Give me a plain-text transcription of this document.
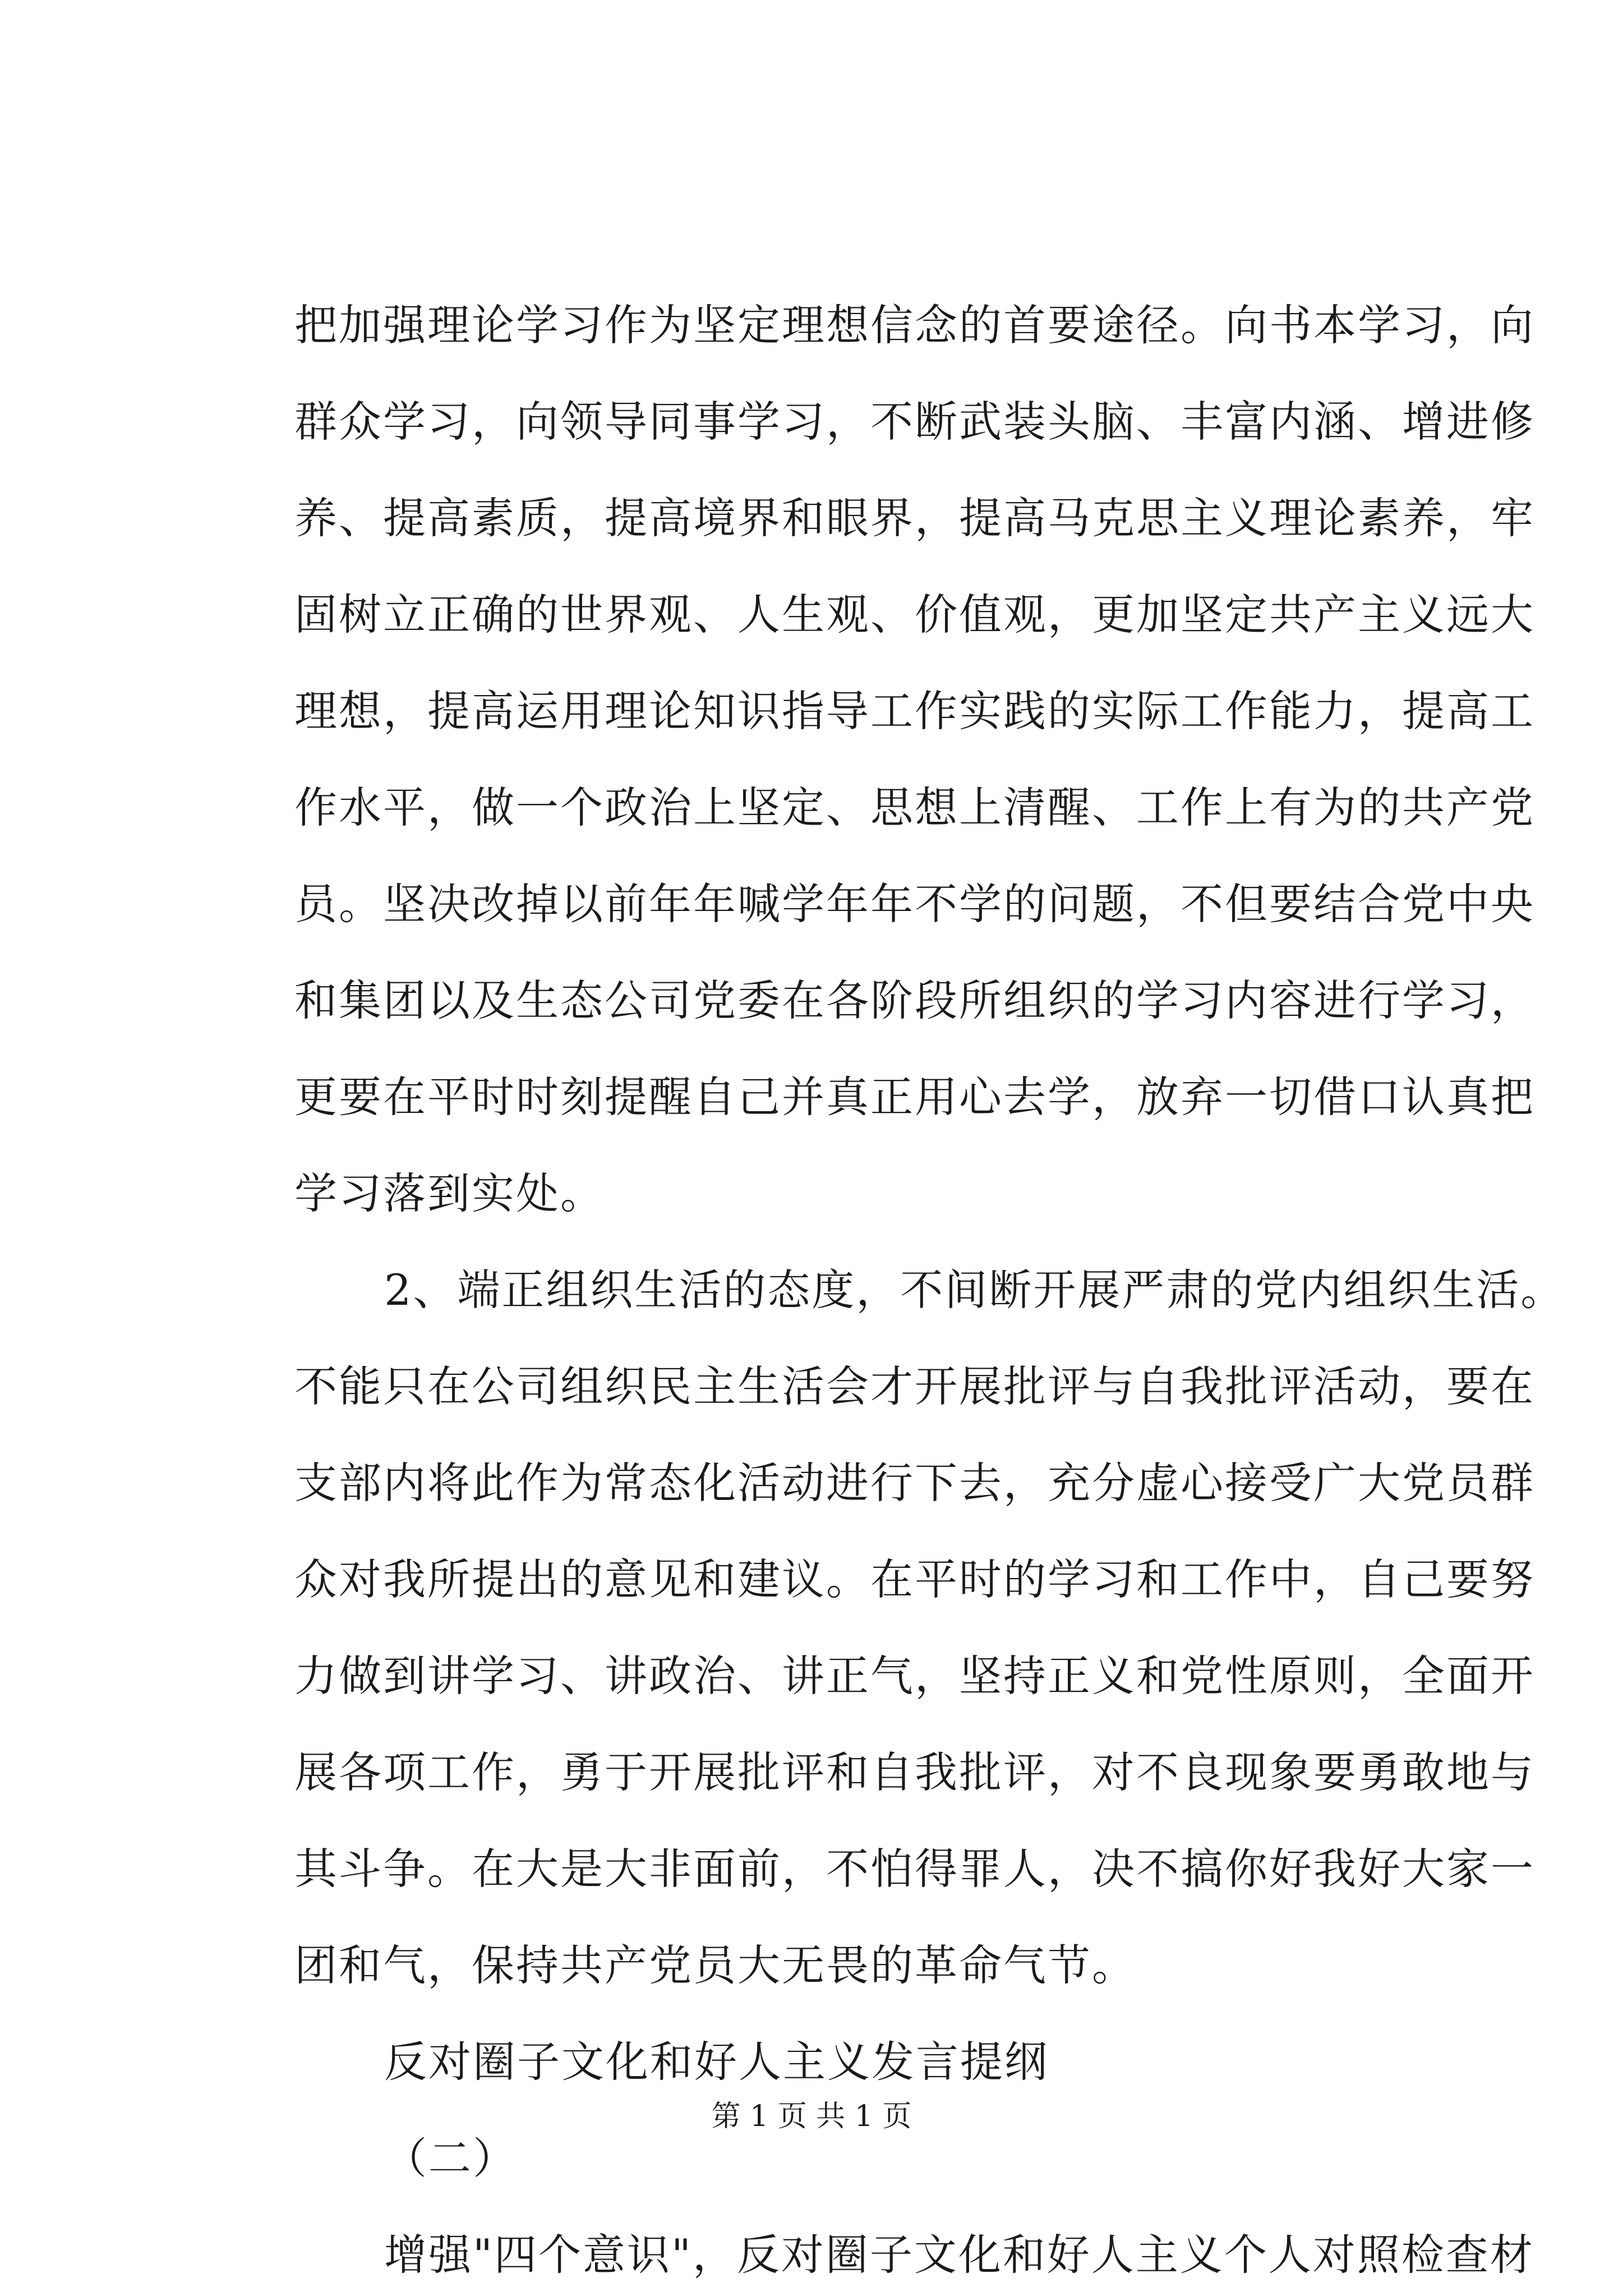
把加强理论学习作为坚定理想信念的首要途径。向书本学习，向
群众学习，向领导同事学习，不断武装头脑、丰富内涵、增进修
养、提高素质，提高境界和眼界，提高马克思主义理论素养，牢
固树立正确的世界观、人生观、价值观，更加坚定共产主义远大
理想，提高运用理论知识指导工作实践的实际工作能力，提高工
作水平，做一个政治上坚定、思想上清醒、工作上有为的共产党
员。坚决改掉以前年年喊学年年不学的问题，不但要结合党中央
和集团以及生态公司党委在各阶段所组织的学习内容进行学习，
更要在平时时刻提醒自己并真正用心去学，放弃一切借口认真把
学习落到实处。
2、端正组织生活的态度，不间断开展严肃的党内组织生活。
不能只在公司组织民主生活会才开展批评与自我批评活动，要在
支部内将此作为常态化活动进行下去，充分虚心接受广大党员群
众对我所提出的意见和建议。在平时的学习和工作中，自己要努
力做到讲学习、讲政治、讲正气，坚持正义和党性原则，全面开
展各项工作，勇于开展批评和自我批评，对不良现象要勇敢地与
其斗争。在大是大非面前，不怕得罪人，决不搞你好我好大家一
团和气，保持共产党员大无畏的革命气节。
反对圈子文化和好人主义发言提纲
（二）
增强"四个意识"，反对圈子文化和好人主义个人对照检查材
第 1 页 共 1 页
